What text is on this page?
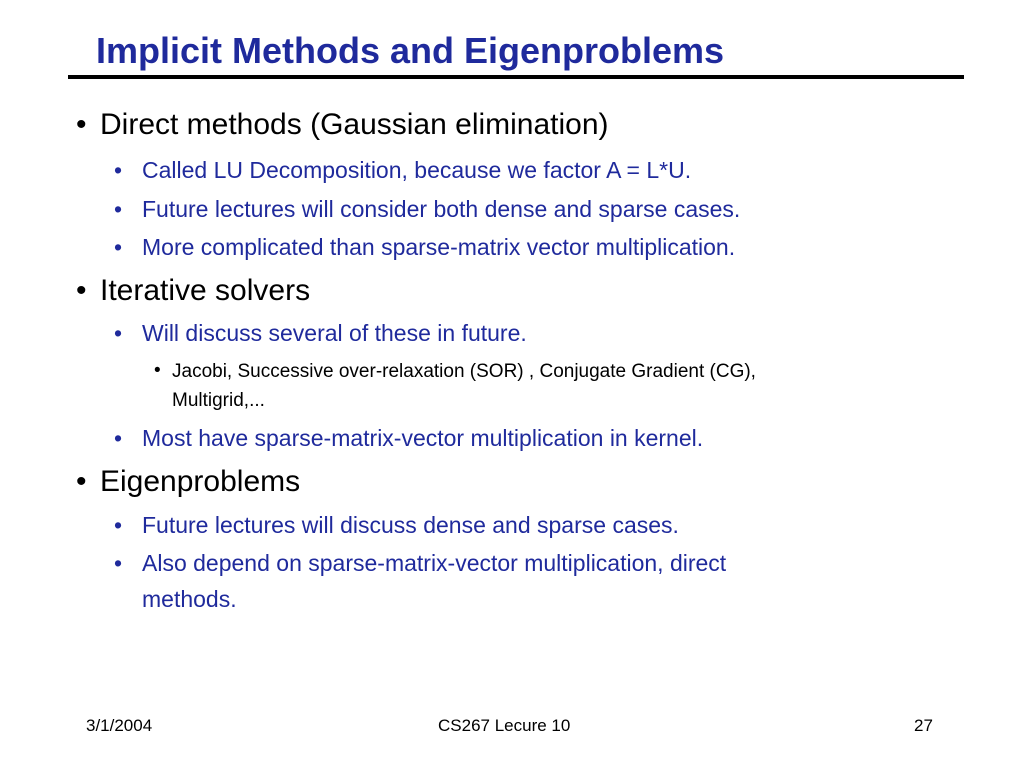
Implicit Methods and Eigenproblems
• Direct methods (Gaussian elimination)
• Called LU Decomposition, because we factor A = L*U.
• Future lectures will consider both dense and sparse cases.
• More complicated than sparse-matrix vector multiplication.
• Iterative solvers
• Will discuss several of these in future.
• Jacobi, Successive over-relaxation (SOR) , Conjugate Gradient (CG),
Multigrid,...
• Most have sparse-matrix-vector multiplication in kernel.
• Eigenproblems
• Future lectures will discuss dense and sparse cases.
• Also depend on sparse-matrix-vector multiplication, direct
methods.
3/1/2004	CS267 Lecure 10	27
